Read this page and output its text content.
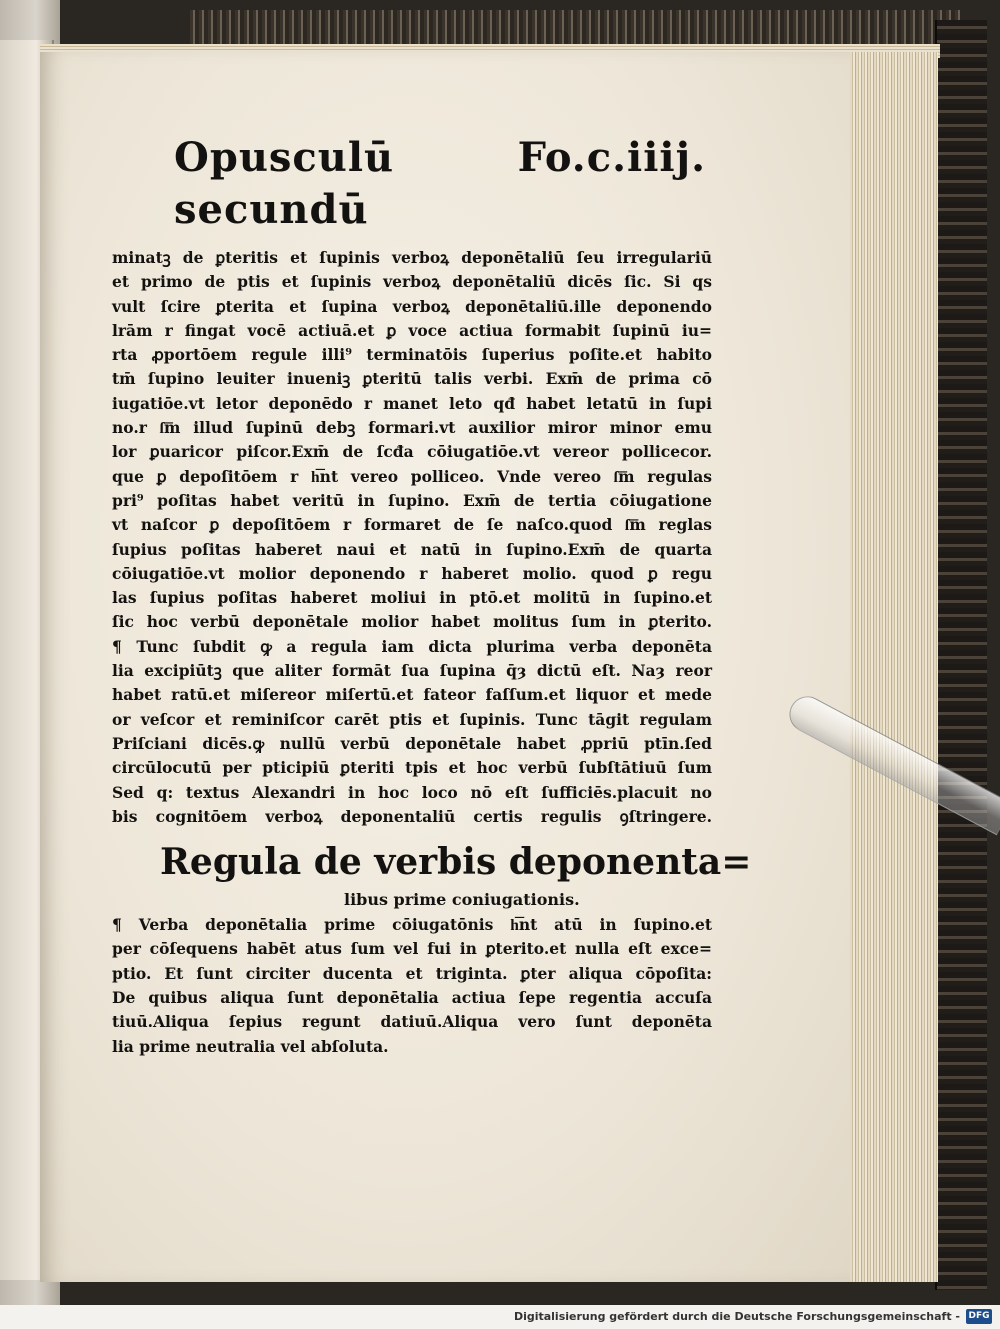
Opusculū secundū
Fo.c.iiij.
minatꝫ de ꝑteritis et ſupinis verboꝝ deponētaliū ſeu irregulariū
et primo de ptis et ſupinis verboꝝ deponētaliū dicēs ſic. Si qs
vult ſcire ꝑterita et ſupina verboꝝ deponētaliū.ille deponendo
lrām r fingat vocē actiuā.et ꝑ voce actiua formabit ſupinū iu=
rta ꝓportōem regule illi⁹ terminatōis ſuperius poſite.et habito
tm̄ ſupino leuiter inueniꝫ ꝑteritū talis verbi. Exm̄ de prima cō
iugatiōe.vt letor deponēdo r manet leto qđ habet letatū in ſupi
no.r ſ͞m illud ſupinū debꝫ formari.vt auxilior miror minor emu
lor ꝑuaricor piſcor.Exm̄ de ſcđa cōiugatiōe.vt vereor pollicecor.
que ꝑ depoſitōem r h͞nt vereo polliceo. Vnde vereo ſ͞m regulas
pri⁹ poſitas habet veritū in ſupino. Exm̄ de tertia cōiugatione
vt naſcor ꝑ depoſitōem r formaret de ſe naſco.quod ſ͞m reglas
ſupius poſitas haberet naui et natū in ſupino.Exm̄ de quarta
cōiugatiōe.vt molior deponendo r haberet molio. quod ꝑ regu
las ſupius poſitas haberet moliui in ptō.et molitū in ſupino.et
ſic hoc verbū deponētale molior habet molitus ſum in ꝑterito.
¶ Tunc ſubdit ꝙ a regula iam dicta plurima verba deponēta
lia excipiūtꝫ que aliter formāt ſua ſupina q̄ȝ dictū eſt. Naȝ reor
habet ratū.et miſereor miſertū.et fateor faſſum.et liquor et mede
or veſcor et reminiſcor carēt ptis et ſupinis. Tunc tāgit regulam
Priſciani dicēs.ꝙ nullū verbū deponētale habet ꝓpriū ptīn.ſed
circūlocutū per pticipiū ꝑteriti tpis et hoc verbū ſubſtātiuū ſum
Sed q: textus Alexandri in hoc loco nō eſt ſufficiēs.placuit no
bis cognitōem verboꝝ deponentaliū certis regulis ꝯſtringere.
Regula de verbis deponenta=
libus prime coniugationis.
¶ Verba deponētalia prime cōiugatōnis h͞nt atū in ſupino.et
per cōſequens habēt atus ſum vel fui in ꝑterito.et nulla eſt exce=
ptio. Et ſunt circiter ducenta et triginta. ꝑter aliqua cōpoſita:
De quibus aliqua ſunt deponētalia actiua ſepe regentia accuſa
tiuū.Aliqua ſepius regunt datiuū.Aliqua vero ſunt deponēta
lia prime neutralia vel abſoluta.
Digitalisierung gefördert durch die Deutsche Forschungsgemeinschaft - DFG
